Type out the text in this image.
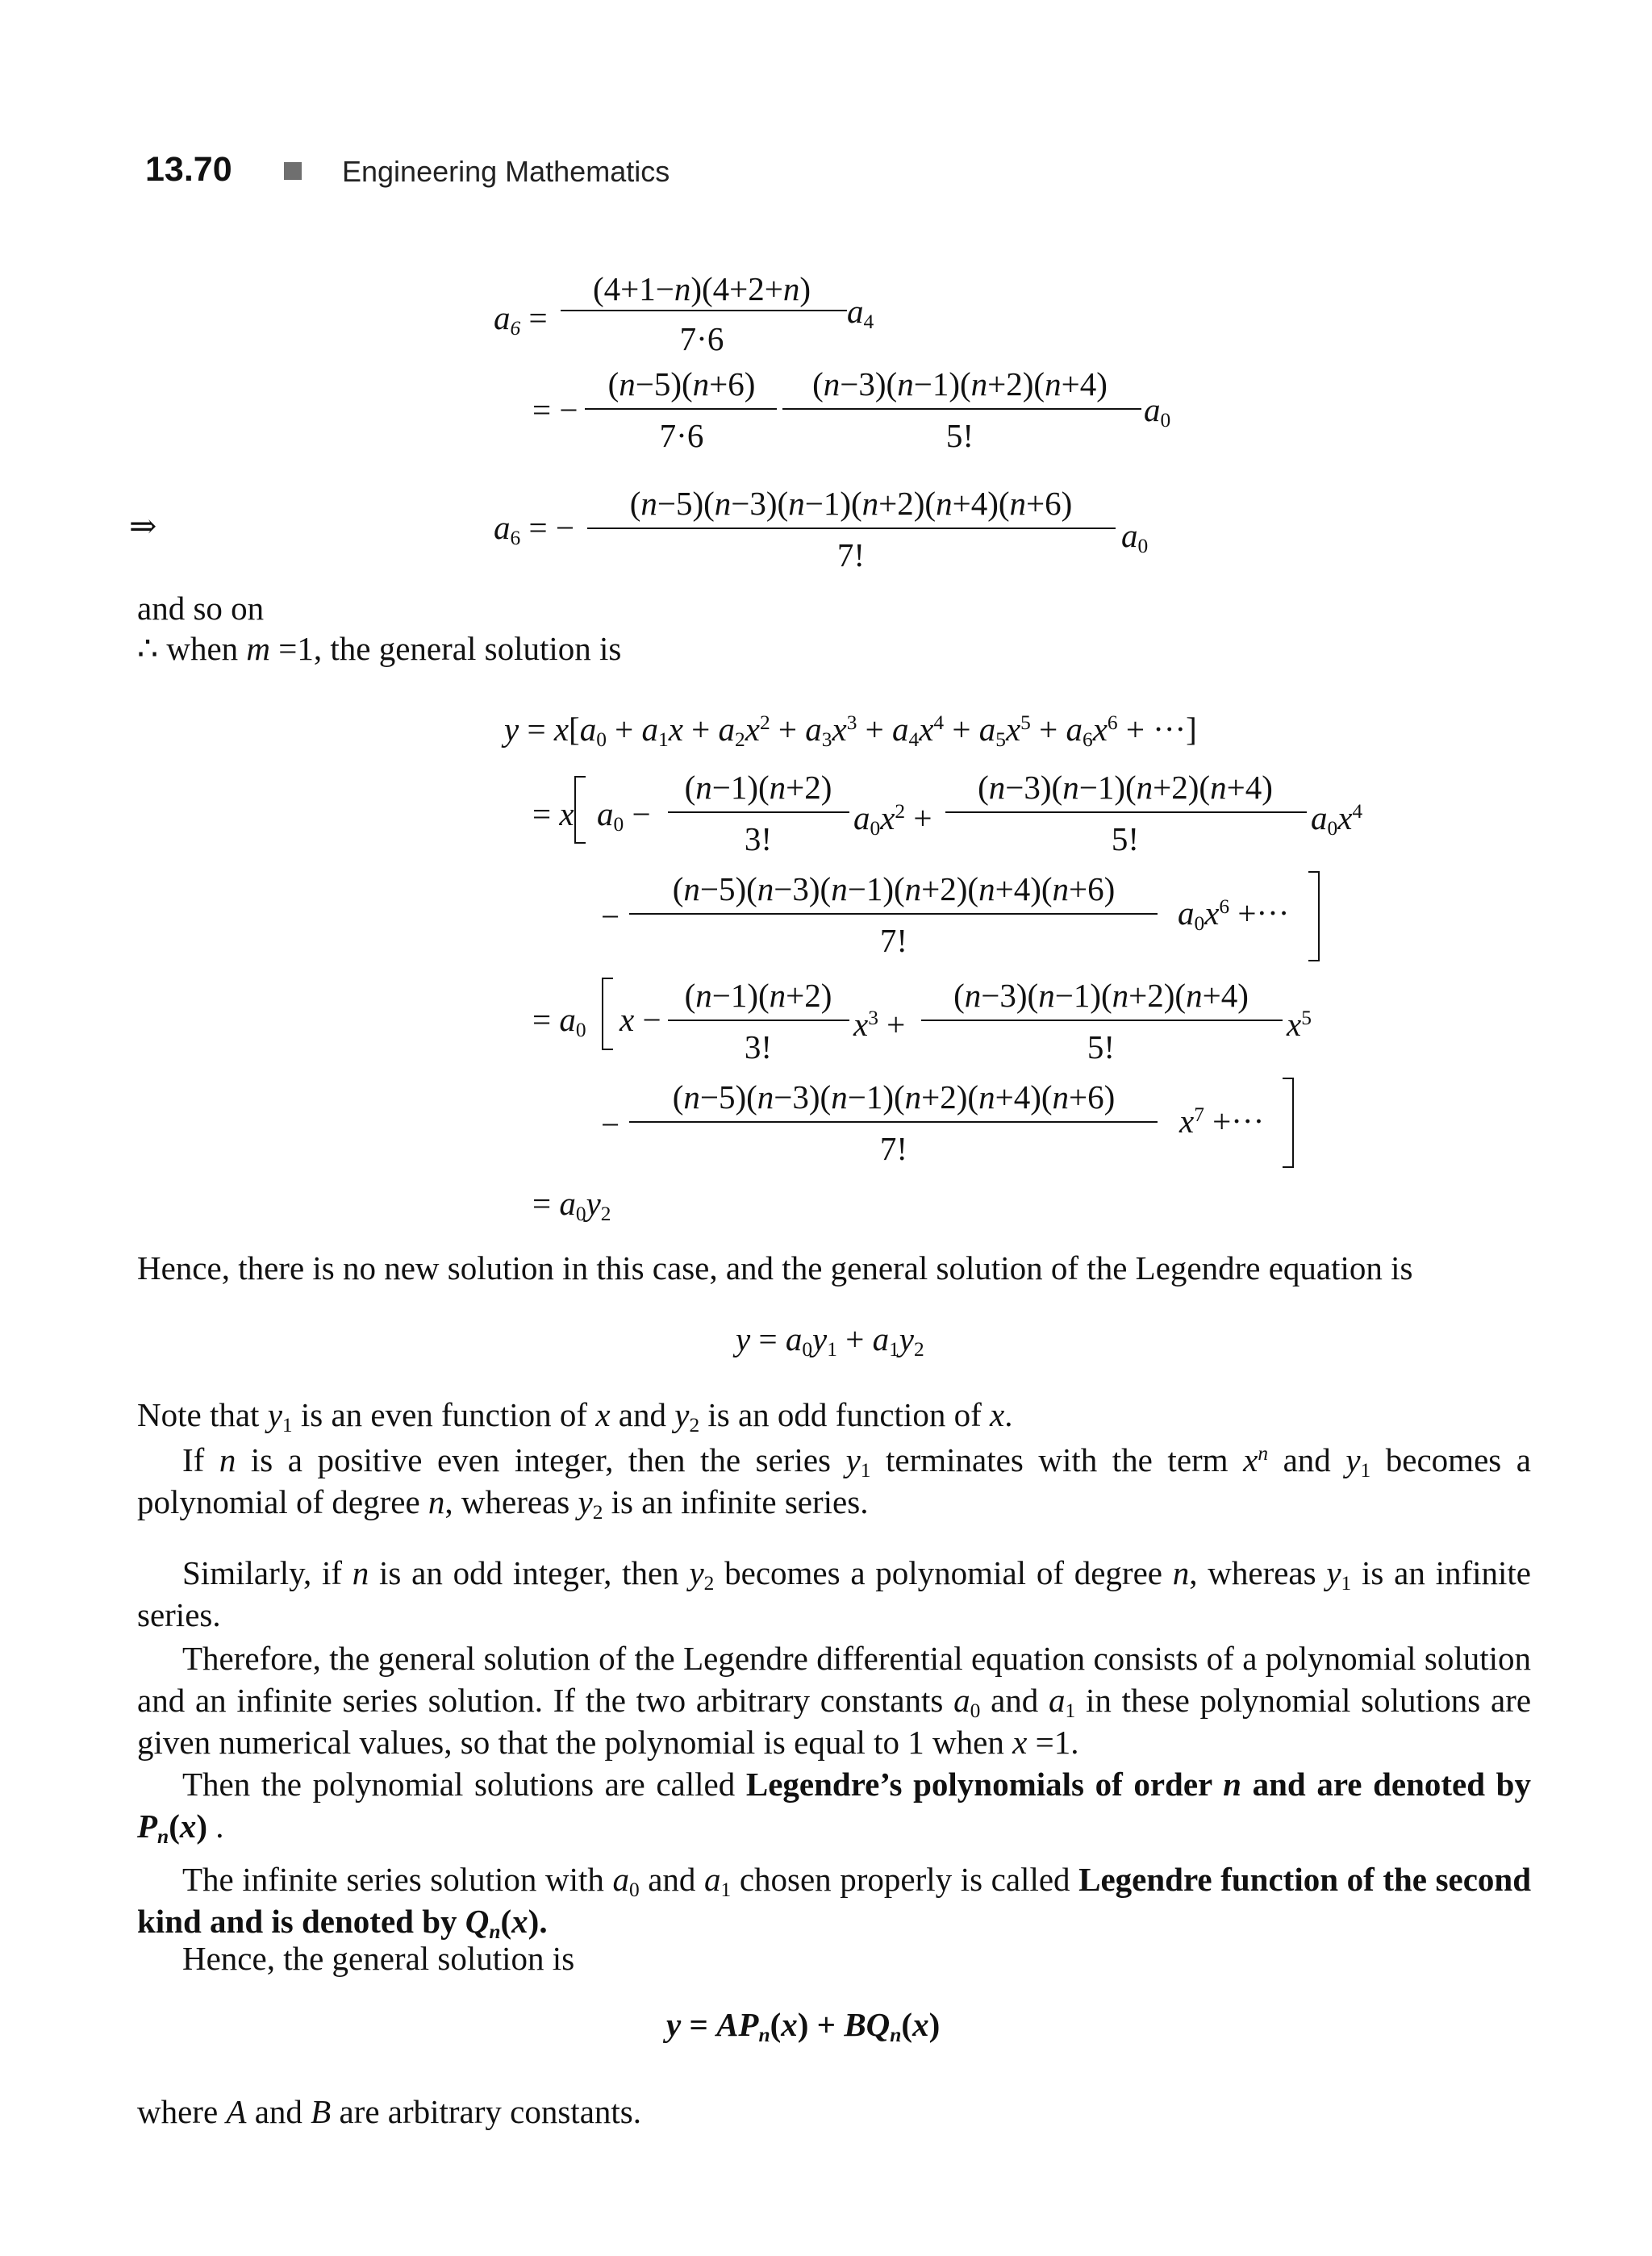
13.70	Engineering Mathematics
$a_6$ =
(4+1−n)(4+2+n)
7·6
$a_4$
= −
(n−5)(n+6)
7·6
(n−3)(n−1)(n+2)(n+4)
5!
$a_0$
⇒	$a_6$ = −
(n−5)(n−3)(n−1)(n+2)(n+4)(n+6)
7!
$a_0$
and so on
∴ when m =1, the general solution is
$y = x[a_0 + a_1x + a_2x^2 + a_3x^3 + a_4x^4 + a_5x^5 + a_6x^6$ + ···]
= x $a_0$ −
(n−1)(n+2)
3!
$a_0x^2$ +
(n−3)(n−1)(n+2)(n+4)
5!
$a_0x^4$
−
(n−5)(n−3)(n−1)(n+2)(n+4)(n+6)
7!
$a_0x^6$ +···
= $a_0$ x −
(n−1)(n+2)
3!
$x^3$ +
(n−3)(n−1)(n+2)(n+4)
5!
$x^5$
−
(n−5)(n−3)(n−1)(n+2)(n+4)(n+6)
7!
$x^7$ +···
= $a_0y_2$
Hence, there is no new solution in this case, and the general solution of the Legendre equation is
$y = a_0y_1 + a_1y_2$
Note that $y_1$ is an even function of x and $y_2$ is an odd function of x.
If n is a positive even integer, then the series $y_1$ terminates with the term $x^n$ and $y_1$ becomes a polynomial of degree n, whereas $y_2$ is an infinite series.
Similarly, if n is an odd integer, then $y_2$ becomes a polynomial of degree n, whereas $y_1$ is an infinite series.
Therefore, the general solution of the Legendre differential equation consists of a polynomial solution and an infinite series solution. If the two arbitrary constants $a_0$ and $a_1$ in these polynomial solutions are given numerical values, so that the polynomial is equal to 1 when x =1.
Then the polynomial solutions are called Legendre’s polynomials of order n and are denoted by $P_n(x)$ .
The infinite series solution with $a_0$ and $a_1$ chosen properly is called Legendre function of the second kind and is denoted by $Q_n(x)$.
Hence, the general solution is
$y = AP_n(x) + BQ_n(x)$
where A and B are arbitrary constants.
